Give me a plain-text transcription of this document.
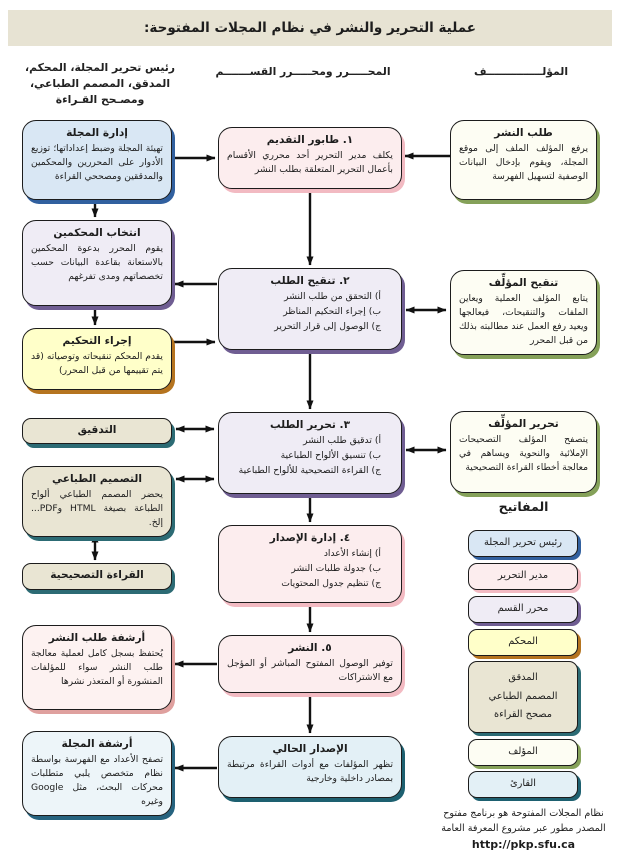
عملية التحرير والنشر في نظام المجلات المفتوحة:
المؤلـــــــــــــــف
المحـــــرر ومحـــــرر القســـــــم
رئيس تحرير المجلة، المحكم، المدقق، المصمم الطباعي، ومصـحح القـراءة
إدارة المجلة
تهيئة المجلة وضبط إعداداتها؛ توزيع الأدوار على المحررين والمحكمين والمدققين ومصححي القراءة
انتخاب المحكمين
يقوم المحرر بدعوة المحكمين بالاستعانة بقاعدة البيانات حسب تخصصاتهم ومدى تفرغهم
إجراء التحكيم
يقدم المحكم تنقيحاته وتوصياته (قد يتم تقييمها من قبل المحرر)
التدقيق
التصميم الطباعي
يحضر المصمم الطباعي ألواح الطباعة بصيغة HTML وPDF... إلخ.
القراءة التصحيحية
أرشفة طلب النشر
يُحتفظ بسجل كامل لعملية معالجة طلب النشر سواء للمؤلفات المنشورة أو المتعذر نشرها
أرشفة المجلة
تصفح الأعداد مع الفهرسة بواسطة نظام متخصص يلبي متطلبات محركات البحث، مثل Google وغيره
١. طابور التقديم
يكلف مدير التحرير أحد محرري الأقسام بأعمال التحرير المتعلقة بطلب النشر
٢. تنقيح الطلب
أ) التحقق من طلب النشر
ب) إجراء التحكيم المناظر
ج) الوصول إلى قرار التحرير
٣. تحرير الطلب
أ) تدقيق طلب النشر
ب) تنسيق الألواح الطباعية
ج) القراءة التصحيحية للألواح الطباعية
٤. إدارة الإصدار
أ) إنشاء الأعداد
ب) جدولة طلبات النشر
ج) تنظيم جدول المحتويات
٥. النشر
توفير الوصول المفتوح المباشر أو المؤجل مع الاشتراكات
الإصدار الحالي
تظهر المؤلفات مع أدوات القراءة مرتبطة بمصادر داخلية وخارجية
طلب النشر
يرفع المؤلف الملف إلى موقع المجلة، ويقوم بإدخال البيانات الوصفية لتسهيل الفهرسة
تنقيح المؤلِّف
يتابع المؤلف العملية ويعاين الملفات والتنقيحات، فيعالجها ويعيد رفع العمل عند مطالبته بذلك من قبل المحرر
تحرير المؤلِّف
يتصفح المؤلف التصحيحات الإملائية والنحوية ويساهم في معالجة أخطاء القراءة التصحيحية
المفاتيح
رئيس تحرير المجلة
مدير التحرير
محرر القسم
المحكم
المدقق
المصمم الطباعي
مصحح القراءة
المؤلف
القارئ
نظام المجلات المفتوحة هو برنامج مفتوح المصدر مطور عبر مشروع المعرفة العامة
http://pkp.sfu.ca
